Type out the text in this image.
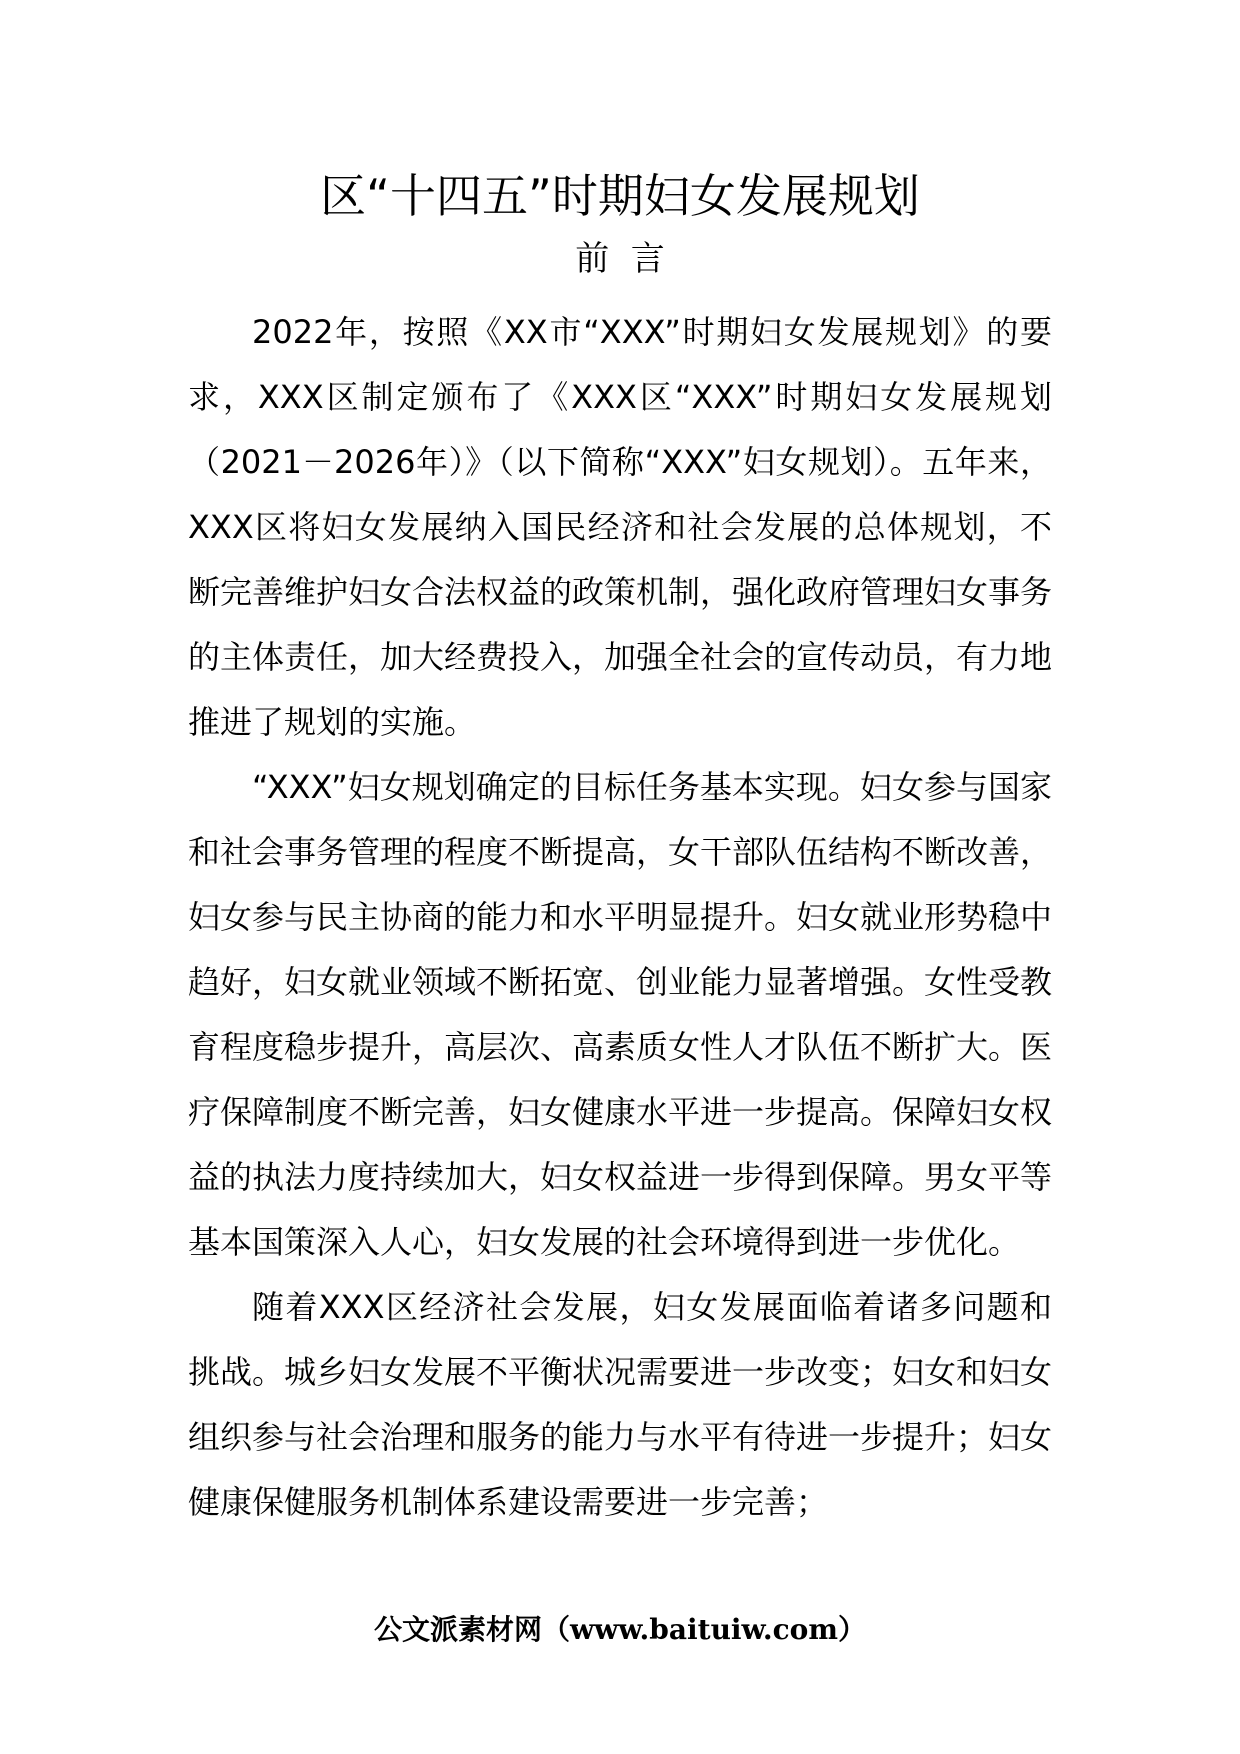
区“十四五”时期妇女发展规划
前  言

2022年，按照《XX市“XXX”时期妇女发展规划》的要求，XXX区制定颁布了《XXX区“XXX”时期妇女发展规划（2021－2026年）》（以下简称“XXX”妇女规划）。五年来，XXX区将妇女发展纳入国民经济和社会发展的总体规划，不断完善维护妇女合法权益的政策机制，强化政府管理妇女事务的主体责任，加大经费投入，加强全社会的宣传动员，有力地推进了规划的实施。

“XXX”妇女规划确定的目标任务基本实现。妇女参与国家和社会事务管理的程度不断提高，女干部队伍结构不断改善，妇女参与民主协商的能力和水平明显提升。妇女就业形势稳中趋好，妇女就业领域不断拓宽、创业能力显著增强。女性受教育程度稳步提升，高层次、高素质女性人才队伍不断扩大。医疗保障制度不断完善，妇女健康水平进一步提高。保障妇女权益的执法力度持续加大，妇女权益进一步得到保障。男女平等基本国策深入人心，妇女发展的社会环境得到进一步优化。

随着XXX区经济社会发展，妇女发展面临着诸多问题和挑战。城乡妇女发展不平衡状况需要进一步改变；妇女和妇女组织参与社会治理和服务的能力与水平有待进一步提升；妇女健康保健服务机制体系建设需要进一步完善；

公文派素材网（www.baituiw.com）
